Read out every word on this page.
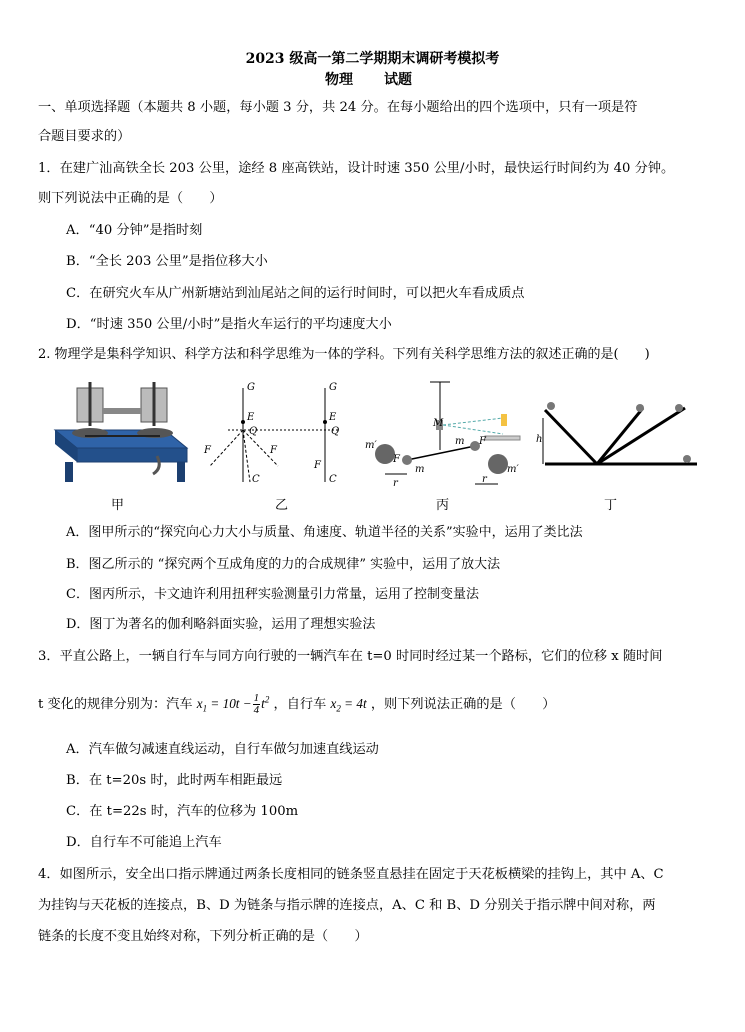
2023 级高一第二学期期末调研考模拟考
物理 试题
一、单项选择题（本题共 8 小题，每小题 3 分，共 24 分。在每小题给出的四个选项中，只有一项是符
合题目要求的）
1．在建广汕高铁全长 203 公里，途经 8 座高铁站，设计时速 350 公里/小时，最快运行时间约为 40 分钟。
则下列说法中正确的是（　　）
A．“40 分钟”是指时刻
B．“全长 203 公里”是指位移大小
C．在研究火车从广州新塘站到汕尾站之间的运行时间时，可以把火车看成质点
D．“时速 350 公里/小时”是指火车运行的平均速度大小
2. 物理学是集科学知识、科学方法和科学思维为一体的学科。下列有关科学思维方法的叙述正确的是(　　)
甲
G	G
E	E
Q	Q
F	F
C	C
F
乙
M
F
F
m
m
m′
m′
r	r
丙
h
丁
A．图甲所示的“探究向心力大小与质量、角速度、轨道半径的关系”实验中，运用了类比法
B．图乙所示的 “探究两个互成角度的力的合成规律” 实验中，运用了放大法
C．图丙所示，卡文迪许利用扭秤实验测量引力常量，运用了控制变量法
D．图丁为著名的伽利略斜面实验，运用了理想实验法
3．平直公路上，一辆自行车与同方向行驶的一辆汽车在 t=0 时同时经过某一个路标，它们的位移 x 随时间
t 变化的规律分别为：汽车 $x_1 = 10t - \frac{1}{4} t^2$ ，自行车 $x_2 = 4t$ ，则下列说法正确的是（　　）
A．汽车做匀减速直线运动，自行车做匀加速直线运动
B．在 t=20s 时，此时两车相距最远
C．在 t=22s 时，汽车的位移为 100m
D．自行车不可能追上汽车
4．如图所示，安全出口指示牌通过两条长度相同的链条竖直悬挂在固定于天花板横梁的挂钩上，其中 A、C
为挂钩与天花板的连接点，B、D 为链条与指示牌的连接点，A、C 和 B、D 分别关于指示牌中间对称，两
链条的长度不变且始终对称，下列分析正确的是（　　）
